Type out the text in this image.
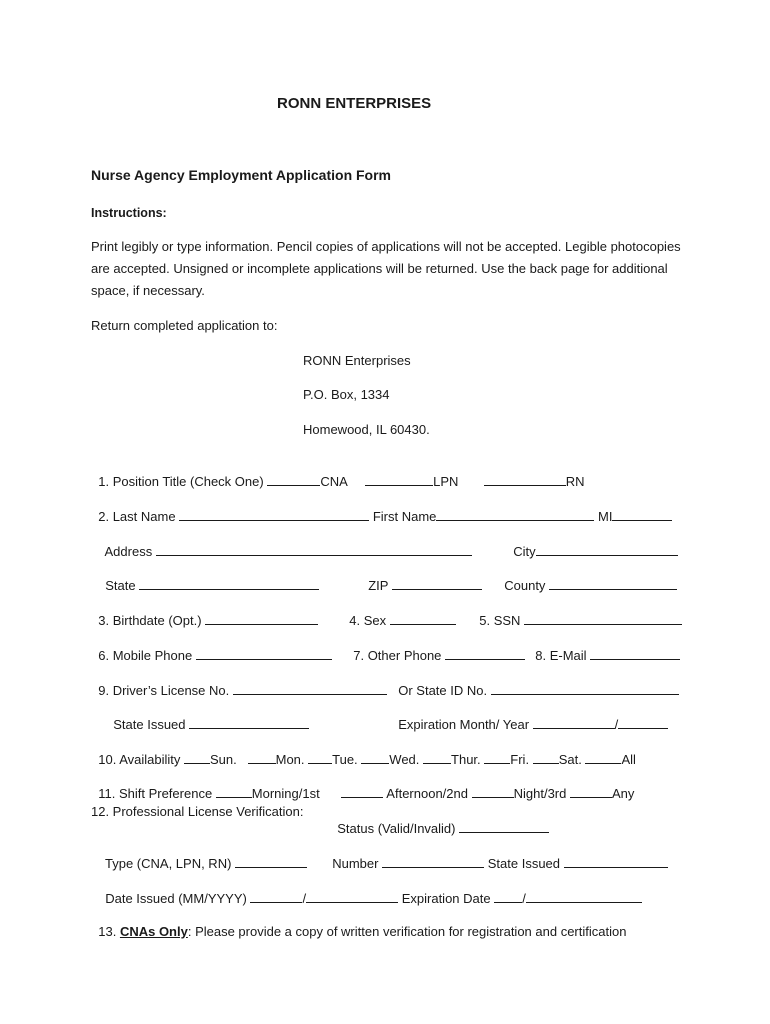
RONN ENTERPRISES
Nurse Agency Employment Application Form
Instructions:
Print legibly or type information. Pencil copies of applications will not be accepted. Legible photocopies are accepted. Unsigned or incomplete applications will be returned. Use the back page for additional space, if necessary.
Return completed application to:
RONN Enterprises
P.O. Box, 1334
Homewood, IL 60430.

1. Position Title (Check One)	CNA	LPN	RN

2. Last Name	First Name	MI

Address	City

State	ZIP	County

3. Birthdate (Opt.)	4. Sex	5. SSN

6. Mobile Phone	7. Other Phone	8. E-Mail

9. Driver’s License No.	Or State ID No.

State Issued	Expiration Month/ Year	/

10. Availability Sun.	Mon. Tue. Wed. Thur. Fri. Sat.	All

11. Shift Preference	Morning/1st	Afternoon/2nd	Night/3rd	Any

12. Professional License Verification:

Status (Valid/Invalid)

Type (CNA, LPN, RN)	Number	State Issued

Date Issued (MM/YYYY)	/	Expiration Date /

13. CNAs Only: Please provide a copy of written verification for registration and certification
